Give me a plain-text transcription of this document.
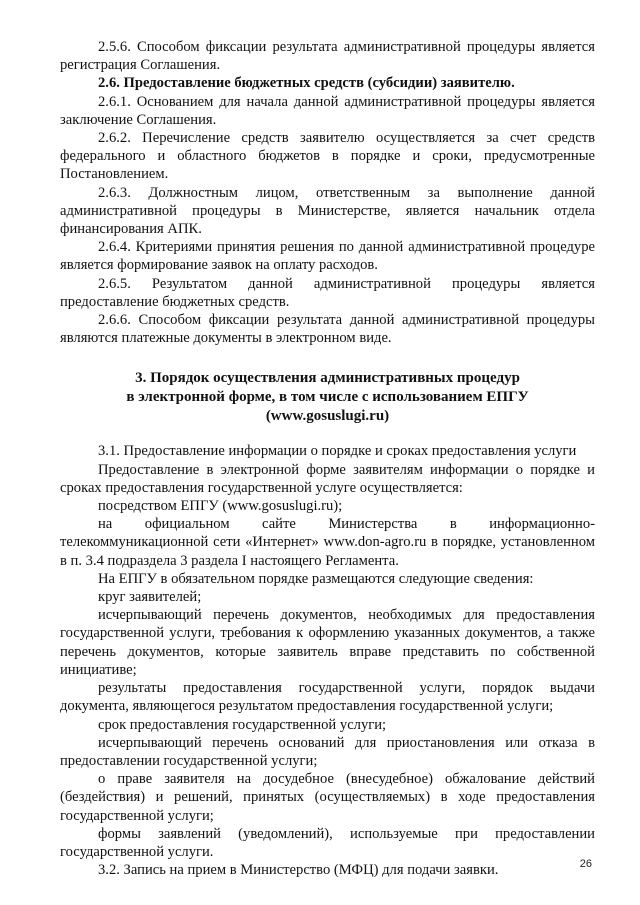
2.5.6. Способом фиксации результата административной процедуры является регистрация Соглашения.

2.6. Предоставление бюджетных средств (субсидии) заявителю.

2.6.1. Основанием для начала данной административной процедуры является заключение Соглашения.

2.6.2. Перечисление средств заявителю осуществляется за счет средств федерального и областного бюджетов в порядке и сроки, предусмотренные Постановлением.

2.6.3. Должностным лицом, ответственным за выполнение данной административной процедуры в Министерстве, является начальник отдела финансирования АПК.

2.6.4. Критериями принятия решения по данной административной процедуре является формирование заявок на оплату расходов.

2.6.5. Результатом данной административной процедуры является предоставление бюджетных средств.

2.6.6. Способом фиксации результата данной административной процедуры являются платежные документы в электронном виде.

3. Порядок осуществления административных процедур
в электронной форме, в том числе с использованием ЕПГУ
(www.gosuslugi.ru)

3.1. Предоставление информации о порядке и сроках предоставления услуги

Предоставление в электронной форме заявителям информации о порядке и сроках предоставления государственной услуге осуществляется:

посредством ЕПГУ (www.gosuslugi.ru);

на официальном сайте Министерства в информационно-телекоммуникационной сети «Интернет» www.don-agro.ru в порядке, установленном в п. 3.4 подраздела 3 раздела I настоящего Регламента.

На ЕПГУ в обязательном порядке размещаются следующие сведения:

круг заявителей;

исчерпывающий перечень документов, необходимых для предоставления государственной услуги, требования к оформлению указанных документов, а также перечень документов, которые заявитель вправе представить по собственной инициативе;

результаты предоставления государственной услуги, порядок выдачи документа, являющегося результатом предоставления государственной услуги;

срок предоставления государственной услуги;

исчерпывающий перечень оснований для приостановления или отказа в предоставлении государственной услуги;

о праве заявителя на досудебное (внесудебное) обжалование действий (бездействия) и решений, принятых (осуществляемых) в ходе предоставления государственной услуги;

формы заявлений (уведомлений), используемые при предоставлении государственной услуги.

3.2. Запись на прием в Министерство (МФЦ) для подачи заявки.	26
